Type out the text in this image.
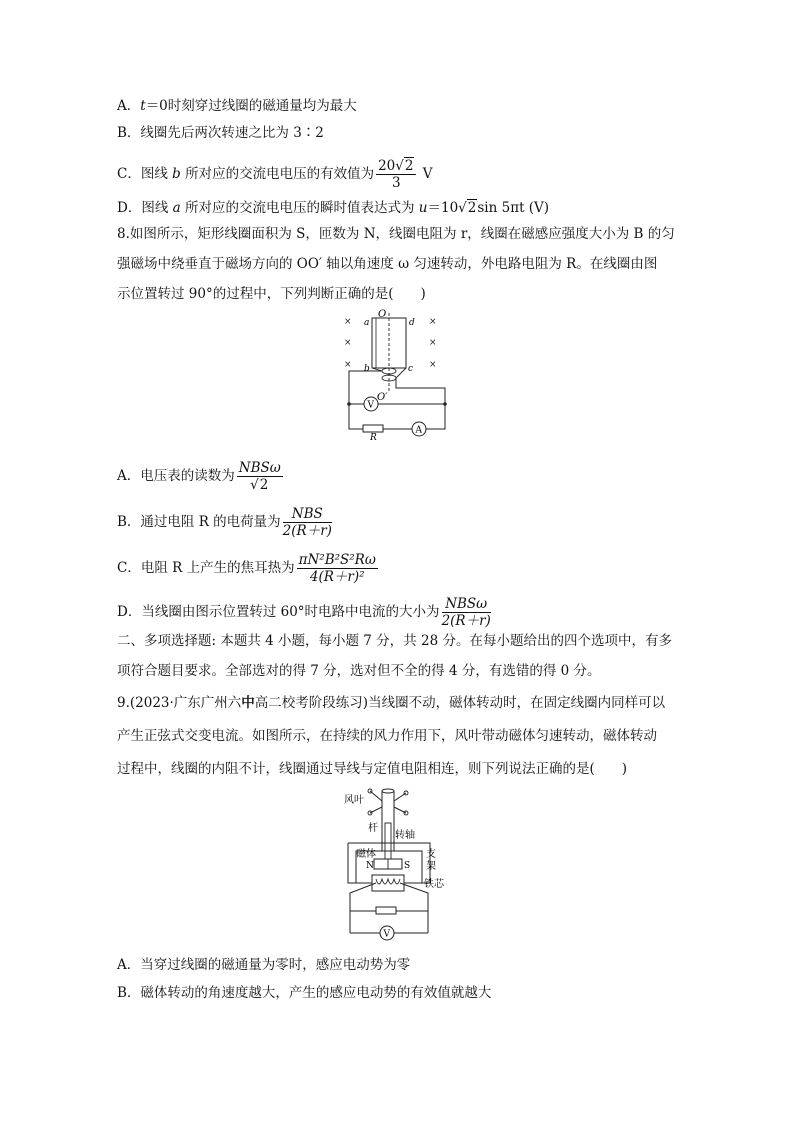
A．t＝0时刻穿过线圈的磁通量均为最大
B．线圈先后两次转速之比为 3∶2
C．图线 b 所对应的交流电电压的有效值为 $\frac{20√2}{3}$ V
D．图线 a 所对应的交流电电压的瞬时值表达式为 u＝10√2sin 5πt (V)
8.如图所示，矩形线圈面积为 S，匝数为 N，线圈电阻为 r，线圈在磁感应强度大小为 B 的匀
强磁场中绕垂直于磁场方向的 OO′ 轴以角速度 ω 匀速转动，外电路电阻为 R。在线圈由图
示位置转过 90°的过程中，下列判断正确的是(　　)
×
×
×
×
×
×
V
A
R
O
O′
a
b	c
d
A．电压表的读数为 $\frac{\text{NBSω}}{√2}$
B．通过电阻 R 的电荷量为 $\frac{\text{NBS}}{2(R+r)}$
C．电阻 R 上产生的焦耳热为 $\frac{\text{πN²B²S²Rω}}{\text{4(R＋r)²}}$
D．当线圈由图示位置转过 60°时电路中电流的大小为 $\frac{\text{NBSω}}{2(R+r)}$
二、多项选择题: 本题共 4 小题，每小题 7 分，共 28 分。在每小题给出的四个选项中，有多
项符合题目要求。全部选对的得 7 分，选对但不全的得 4 分，有选错的得 0 分。
9.(2023·广东广州六中高二校考阶段练习)当线圈不动，磁体转动时，在固定线圈内同样可以
产生正弦式交变电流。如图所示，在持续的风力作用下，风叶带动磁体匀速转动，磁体转动
过程中，线圈的内阻不计，线圈通过导线与定值电阻相连，则下列说法正确的是(　　)
N	S
V
风叶
杆
转轴
磁体	支
架
铁芯
A．当穿过线圈的磁通量为零时，感应电动势为零
B．磁体转动的角速度越大，产生的感应电动势的有效值就越大
